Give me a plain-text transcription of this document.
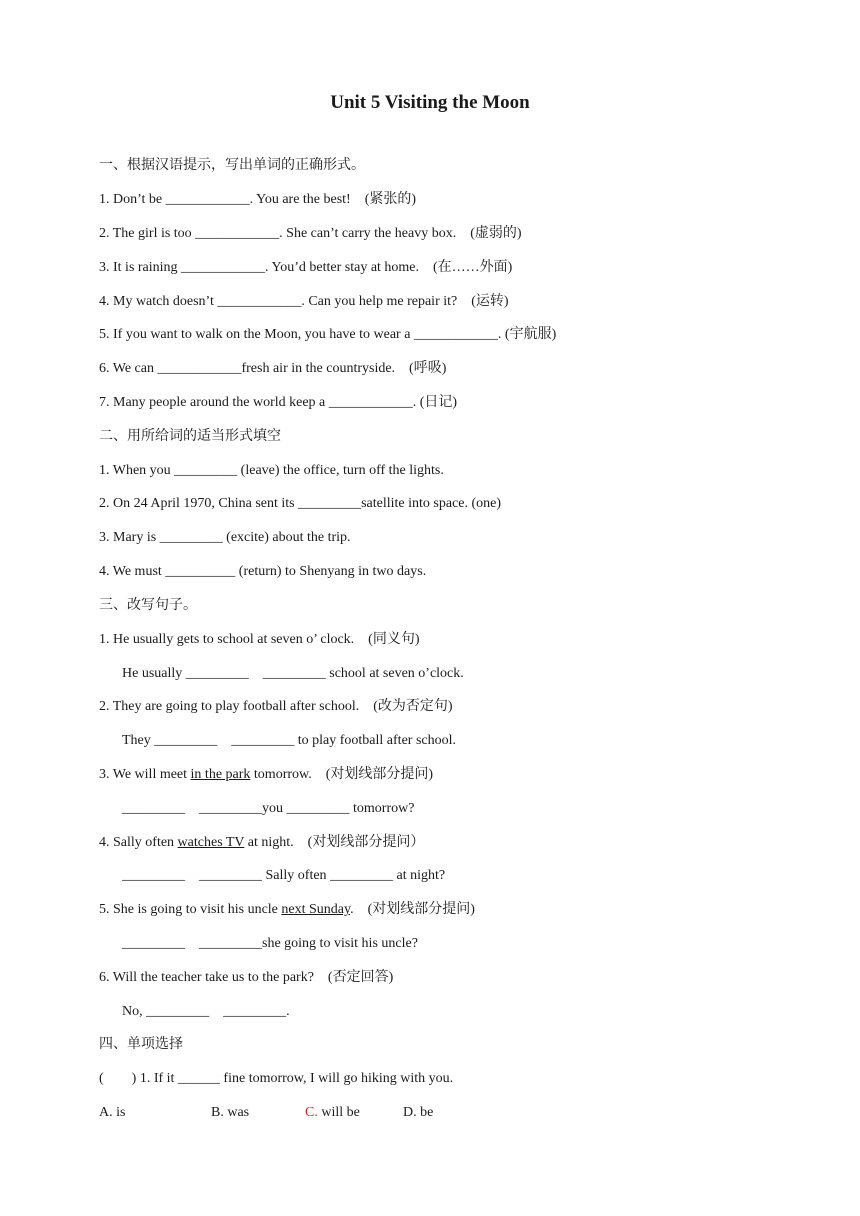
Unit 5 Visiting the Moon
一、根据汉语提示，写出单词的正确形式。
1. Don’t be ____________. You are the best!　(紧张的)
2. The girl is too ____________. She can’t carry the heavy box.　(虚弱的)
3. It is raining ____________. You’d better stay at home.　(在……外面)
4. My watch doesn’t ____________. Can you help me repair it?　(运转)
5. If you want to walk on the Moon, you have to wear a ____________. (宇航服)
6. We can ____________fresh air in the countryside.　(呼吸)
7. Many people around the world keep a ____________. (日记)
二、用所给词的适当形式填空
1. When you _________ (leave) the office, turn off the lights.
2. On 24 April 1970, China sent its _________satellite into space. (one)
3. Mary is _________ (excite) about the trip.
4. We must __________ (return) to Shenyang in two days.
三、改写句子。
1. He usually gets to school at seven o’ clock.　(同义句)
He usually _________　_________ school at seven o’clock.
2. They are going to play football after school.　(改为否定句)
They _________　_________ to play football after school.
3. We will meet in the park tomorrow.　(对划线部分提问)
_________　_________you _________ tomorrow?
4. Sally often watches TV at night.　(对划线部分提问）
_________　_________ Sally often _________ at night?
5. She is going to visit his uncle next Sunday.　(对划线部分提问)
_________　_________she going to visit his uncle?
6. Will the teacher take us to the park?　(否定回答)
No, _________　_________.
四、单项选择
(　　) 1. If it ______ fine tomorrow, I will go hiking with you.
A. is	B. was	C. will be	D. be
